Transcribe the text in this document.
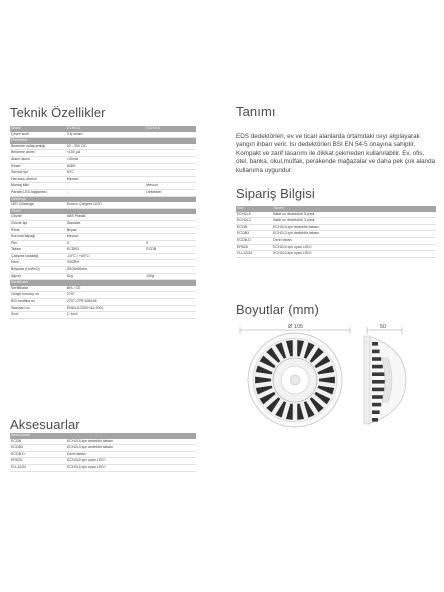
Teknik Özellikler
Model	ECH2L3	ECH2L5
Çevre sınıfı	3 iç ortam
Elektriksel
Besleme voltaj aralığı	20 - 30V DC
Bekleme akımı	<150 µA
Alarm akımı	<40mA
Reset	638S
Sensör tipi	NTC
Hat sonu direnci	Mevcut
Montaj klibi	-	Mevcut
Paralel LED bağlantısı	-	Destekler
Gösterge
LED Gösterge	Kırmızı Çalışma LED'i
Genel
Gövde	ABS Plastik
Gövde tipi	Standart
Renk	Beyaz
Koruma kapağı	Mevcut
Pim	3	5
Taban	ECDB3	ECDB
Çalışma sıcaklığı	-10°C / +60°C
Nem	%93RH
Boyutlar (HxWxD)	Ø105x50mm
Ağırlık	92g	100g
Sertifikalar
Sertifikalar	BIS / CE
Onaylı kuruluş no	2797
BSI sertifika no	2797-CPR-636146
Standart no	EN54-5:2000+A1:2002
Sınıf	2, sınıf
Aksesuarlar
Aksesuarlar
ECDB	ECH2L5 için dedektör tabanı
ECDB3	ECH2L3 için dedektör tabanı
ECDB-D	Derin taban
EPA25	ECH2L5 için uyarı LED'i
FLL12/24	ECH2L5 için uyarı LED'i
Tanımı
EDS dedektörleri, ev ve ticari alanlarda ortamdaki ısıyı algılayarak yangın ihbarı verir. Isı dedektörleri BSI EN 54-5 onayına sahiptir. Kompakt ve zarif tasarımı ile dikkat çekmeden kullanılabilir. Ev, ofis, otel, banka, okul,mutfak, perakende mağazalar ve daha pek çok alanda kullanıma uygundur.
Sipariş Bilgisi
Kod	Tanımı
ECH2L5	Sabit ısı dedektörü 5 pimli
ECH2L3	Sabit ısı dedektörü 3 pimli
ECDB	ECH2L5 için dedektör tabanı
ECDB3	ECH2L3 için dedektör tabanı
ECDB-D	Derin taban
EPA25	ECH2L5 için uyarı LED'i
FLL12/24	ECH2L5 için uyarı LED'i
Boyutlar (mm)
Ø 105	50
